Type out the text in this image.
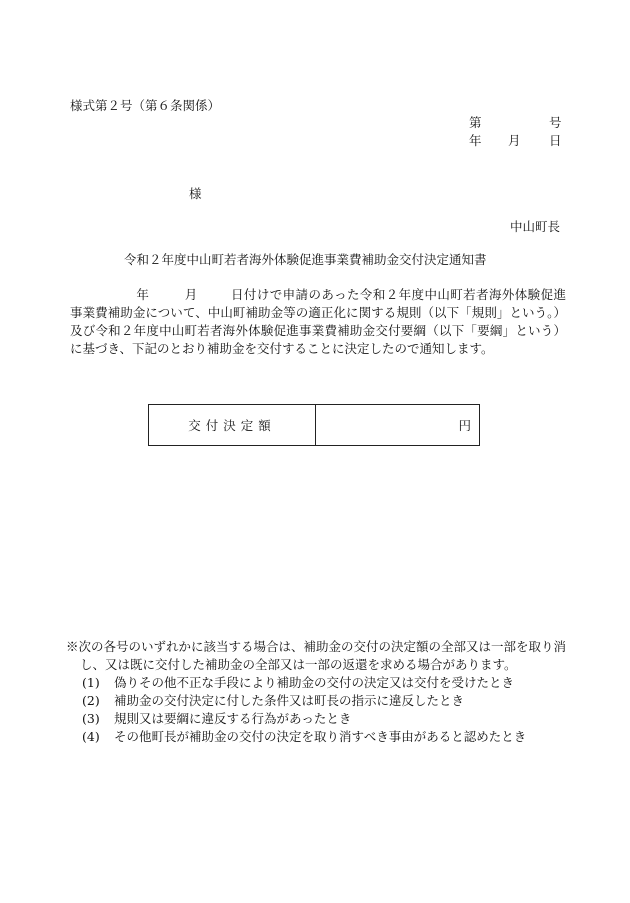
様式第２号（第６条関係）
第	号
年 月 日
様
中山町長
令和２年度中山町若者海外体験促進事業費補助金交付決定通知書
年	月	日付けで申請のあった令和２年度中山町若者海外体験促進事業費補助金について、中山町補助金等の適正化に関する規則（以下「規則」という。）及び令和２年度中山町若者海外体験促進事業費補助金交付要綱（以下「要綱」という）に基づき、下記のとおり補助金を交付することに決定したので通知します。
交付決定額	円
※次の各号のいずれかに該当する場合は、補助金の交付の決定額の全部又は一部を取り消し、又は既に交付した補助金の全部又は一部の返還を求める場合があります。
(1)	偽りその他不正な手段により補助金の交付の決定又は交付を受けたとき
(2)	補助金の交付決定に付した条件又は町長の指示に違反したとき
(3)	規則又は要綱に違反する行為があったとき
(4)	その他町長が補助金の交付の決定を取り消すべき事由があると認めたとき
